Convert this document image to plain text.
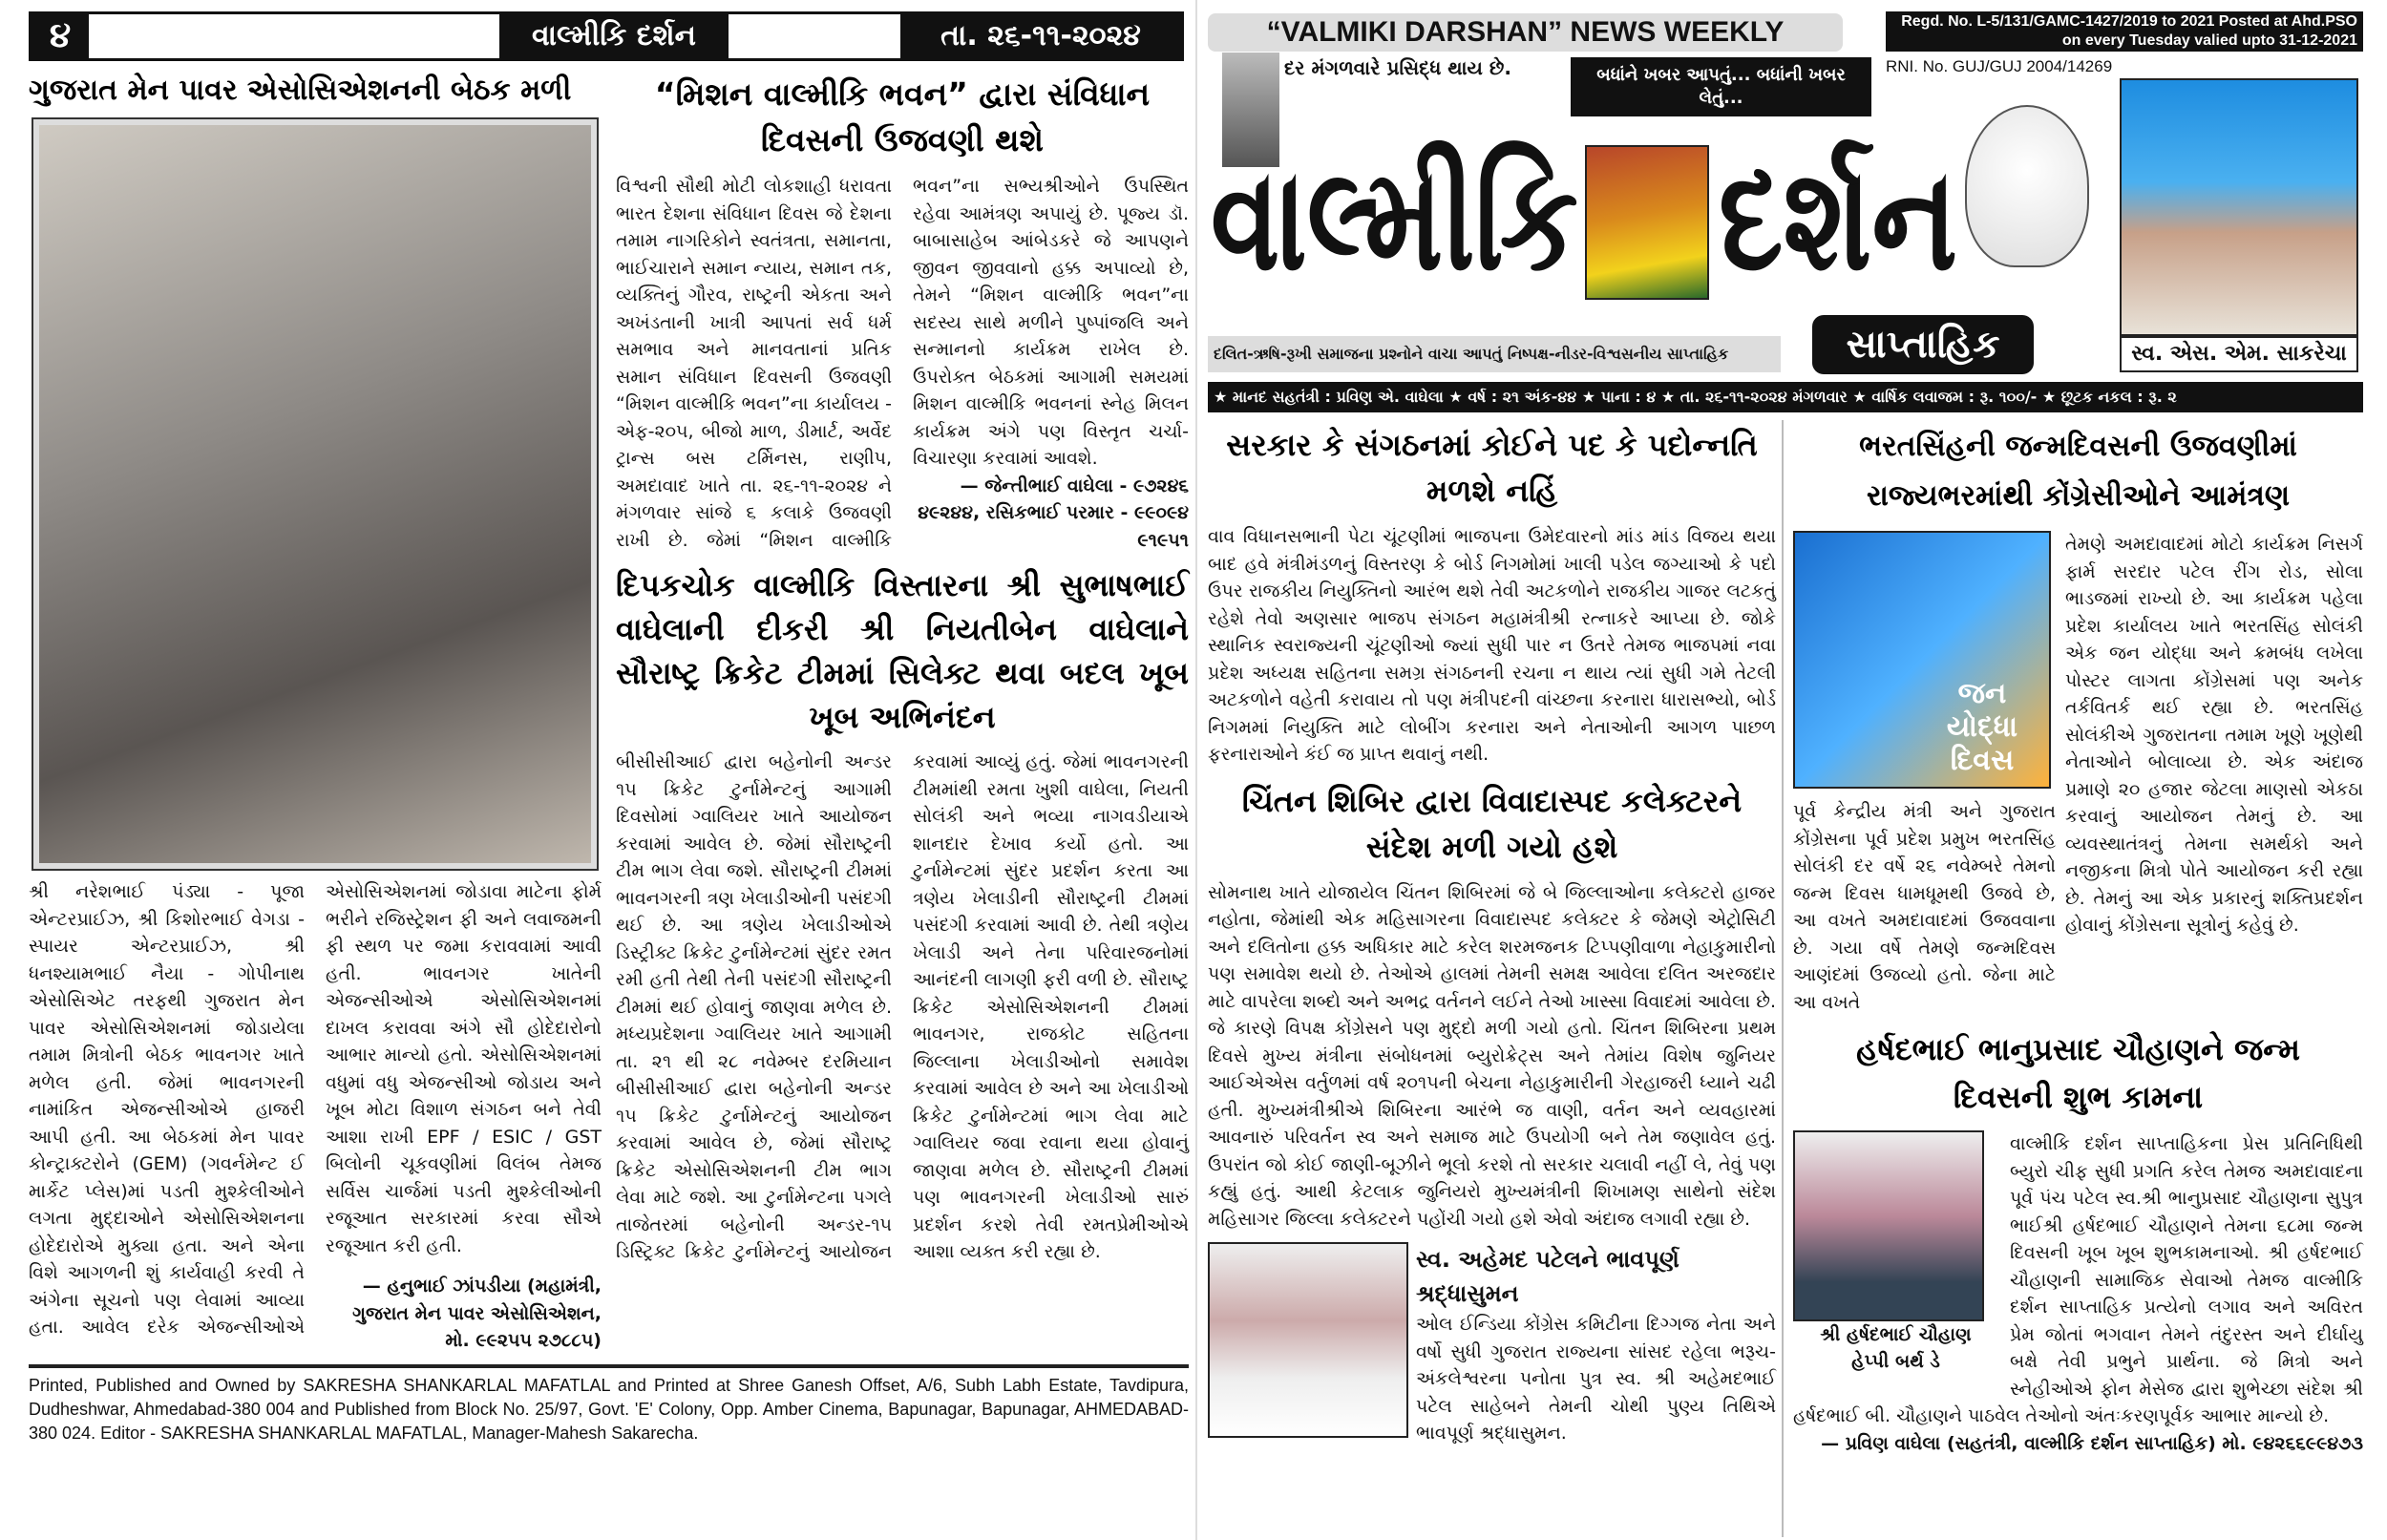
૪	વાલ્મીકિ દર્શન	તા. ૨૬-૧૧-૨૦૨૪
ગુજરાત મેન પાવર એસોસિએશનની બેઠક મળી

શ્રી નરેશભાઈ પંડ્યા - પૂજા એન્ટરપ્રાઈઝ, શ્રી કિશોરભાઈ વેગડા - સ્પાયર એન્ટરપ્રાઈઝ, શ્રી ધનશ્યામભાઈ નૈયા - ગોપીનાથ એસોસિએટ તરફથી ગુજરાત મેન પાવર એસોસિએશનમાં જોડાયેલા તમામ મિત્રોની બેઠક ભાવનગર ખાતે મળેલ હતી. જેમાં ભાવનગરની નામાંકિત એજન્સીઓએ હાજરી આપી હતી. આ બેઠકમાં મેન પાવર કોન્ટ્રાક્ટરોને (GEM) (ગવર્નમેન્ટ ઈ માર્કેટ પ્લેસ)માં પડતી મુશ્કેલીઓને લગતા મુદ્દાઓને એસોસિએશનના હોદેદારોએ મુક્યા હતા. અને એના વિશે આગળની શું કાર્યવાહી કરવી તે અંગેના સૂચનો પણ લેવામાં આવ્યા હતા. આવેલ દરેક એજન્સીઓએ એસોસિએશનમાં જોડાવા માટેના ફોર્મ ભરીને રજિસ્ટ્રેશન ફી અને લવાજમની ફી સ્થળ પર જમા કરાવવામાં આવી હતી. ભાવનગર ખાતેની એજન્સીઓએ એસોસિએશનમાં દાખલ કરાવવા અંગે સૌ હોદેદારોનો આભાર માન્યો હતો. એસોસિએશનમાં વધુમાં વધુ એજન્સીઓ જોડાય અને ખૂબ મોટા વિશાળ સંગઠન બને તેવી આશા રાખી EPF / ESIC / GST બિલોની ચૂકવણીમાં વિલંબ તેમજ સર્વિસ ચાર્જમાં પડતી મુશ્કેલીઓની રજૂઆત સરકારમાં કરવા સૌએ રજૂઆત કરી હતી.

— હનુભાઈ ઝાંપડીયા (મહામંત્રી, ગુજરાત મેન પાવર એસોસિએશન, મો. ૯૯૨૫૫ ૨૭૮૮૫)

“મિશન વાલ્મીકિ ભવન” દ્વારા સંવિધાન દિવસની ઉજવણી થશે

વિશ્વની સૌથી મોટી લોકશાહી ધરાવતા ભારત દેશના સંવિધાન દિવસ જે દેશના તમામ નાગરિકોને સ્વતંત્રતા, સમાનતા, ભાઈચારાને સમાન ન્યાય, સમાન તક, વ્યક્તિનું ગૌરવ, રાષ્ટ્રની એકતા અને અખંડતાની ખાત્રી આપતાં સર્વ ધર્મ સમભાવ અને માનવતાનાં પ્રતિક સમાન સંવિધાન દિવસની ઉજવણી “મિશન વાલ્મીકિ ભવન”ના કાર્યાલય - એફ-૨૦૫, બીજો માળ, ડીમાર્ટ, અર્વેદ ટ્રાન્સ બસ ટર્મિનસ, રાણીપ, અમદાવાદ ખાતે તા. ૨૬-૧૧-૨૦૨૪ ને મંગળવાર સાંજે ૬ કલાકે ઉજવણી રાખી છે. જેમાં “મિશન વાલ્મીકિ ભવન”ના સભ્યશ્રીઓને ઉપસ્થિત રહેવા આમંત્રણ અપાયું છે. પૂજ્ય ડૉ. બાબાસાહેબ આંબેડકરે જે આપણને જીવન જીવવાનો હક્ક અપાવ્યો છે, તેમને “મિશન વાલ્મીકિ ભવન”ના સદસ્ય સાથે મળીને પુષ્પાંજલિ અને સન્માનનો કાર્યક્રમ રાખેલ છે. ઉપરોક્ત બેઠકમાં આગામી સમયમાં મિશન વાલ્મીકિ ભવનનાં સ્નેહ મિલન કાર્યક્રમ અંગે પણ વિસ્તૃત ચર્ચા-વિચારણા કરવામાં આવશે.

— જેન્તીભાઈ વાઘેલા - ૯૭૨૪૬ ૪૯૨૪૪, રસિકભાઈ પરમાર - ૯૯૦૯૪ ૯૧૯૫૧

દિપકચોક વાલ્મીકિ વિસ્તારના શ્રી સુભાષભાઈ વાઘેલાની દીકરી શ્રી નિયતીબેન વાઘેલાને સૌરાષ્ટ્ર ક્રિકેટ ટીમમાં સિલેક્ટ થવા બદલ ખૂબ ખૂબ અભિનંદન

બીસીસીઆઈ દ્વારા બહેનોની અન્ડર ૧૫ ક્રિકેટ ટુર્નામેન્ટનું આગામી દિવસોમાં ગ્વાલિયર ખાતે આયોજન કરવામાં આવેલ છે. જેમાં સૌરાષ્ટ્રની ટીમ ભાગ લેવા જશે. સૌરાષ્ટ્રની ટીમમાં ભાવનગરની ત્રણ ખેલાડીઓની પસંદગી થઈ છે. આ ત્રણેય ખેલાડીઓએ ડિસ્ટ્રીક્ટ ક્રિકેટ ટુર્નામેન્ટમાં સુંદર રમત રમી હતી તેથી તેની પસંદગી સૌરાષ્ટ્રની ટીમમાં થઈ હોવાનું જાણવા મળેલ છે. મધ્યપ્રદેશના ગ્વાલિયર ખાતે આગામી તા. ૨૧ થી ૨૮ નવેમ્બર દરમિયાન બીસીસીઆઈ દ્વારા બહેનોની અન્ડર ૧૫ ક્રિકેટ ટુર્નામેન્ટનું આયોજન કરવામાં આવેલ છે, જેમાં સૌરાષ્ટ્ર ક્રિકેટ એસોસિએશનની ટીમ ભાગ લેવા માટે જશે. આ ટુર્નામેન્ટના પગલે તાજેતરમાં બહેનોની અન્ડર-૧૫ ડિસ્ટ્રિક્ટ ક્રિકેટ ટુર્નામેન્ટનું આયોજન કરવામાં આવ્યું હતું. જેમાં ભાવનગરની ટીમમાંથી રમતા ખુશી વાઘેલા, નિયતી સોલંકી અને ભવ્યા નાગવડીયાએ શાનદાર દેખાવ કર્યો હતો. આ ટુર્નામેન્ટમાં સુંદર પ્રદર્શન કરતા આ ત્રણેય ખેલાડીની સૌરાષ્ટ્રની ટીમમાં પસંદગી કરવામાં આવી છે. તેથી ત્રણેય ખેલાડી અને તેના પરિવારજનોમાં આનંદની લાગણી ફરી વળી છે. સૌરાષ્ટ્ર ક્રિકેટ એસોસિએશનની ટીમમાં ભાવનગર, રાજકોટ સહિતના જિલ્લાના ખેલાડીઓનો સમાવેશ કરવામાં આવેલ છે અને આ ખેલાડીઓ ક્રિકેટ ટુર્નામેન્ટમાં ભાગ લેવા માટે ગ્વાલિયર જવા રવાના થયા હોવાનું જાણવા મળેલ છે. સૌરાષ્ટ્રની ટીમમાં પણ ભાવનગરની ખેલાડીઓ સારું પ્રદર્શન કરશે તેવી રમતપ્રેમીઓએ આશા વ્યક્ત કરી રહ્યા છે.

Printed, Published and Owned by SAKRESHA SHANKARLAL MAFATLAL and Printed at Shree Ganesh Offset, A/6, Subh Labh Estate, Tavdipura, Dudheshwar, Ahmedabad-380 004 and Published from Block No. 25/97, Govt. 'E' Colony, Opp. Amber Cinema, Bapunagar, Bapunagar, AHMEDABAD-380 024. Editor - SAKRESHA SHANKARLAL MAFATLAL, Manager-Mahesh Sakarecha.
“VALMIKI DARSHAN” NEWS WEEKLY	Regd. No. L-5/131/GAMC-1427/2019 to 2021 Posted at Ahd.PSO on every Tuesday valied upto 31-12-2021
RNI. No. GUJ/GUJ 2004/14269
દર મંગળવારે પ્રસિદ્ધ થાય છે.	બધાંને ખબર આપતું... બધાંની ખબર લેતું...
વાલ્મીકિ દર્શન
સ્વ. એસ. એમ. સાકરેચા
દલિત-ઋષિ-રૂખી સમાજના પ્રશ્નોને વાચા આપતું નિષ્પક્ષ-નીડર-વિશ્વસનીય સાપ્તાહિક	સાપ્તાહિક
★ માનદ સહતંત્રી : પ્રવિણ એ. વાઘેલા ★ વર્ષ : ૨૧ અંક-૪૪ ★ પાના : ૪ ★ તા. ૨૬-૧૧-૨૦૨૪ મંગળવાર ★ વાર્ષિક લવાજમ : રૂ. ૧૦૦/- ★ છૂટક નકલ : રૂ. ૨
સરકાર કે સંગઠનમાં કોઈને પદ કે પદોન્નતિ મળશે નહિં
વાવ વિધાનસભાની પેટા ચૂંટણીમાં ભાજપના ઉમેદવારનો માંડ માંડ વિજય થયા બાદ હવે મંત્રીમંડળનું વિસ્તરણ કે બોર્ડ નિગમોમાં ખાલી પડેલ જગ્યાઓ કે પદો ઉપર રાજકીય નિયુક્તિનો આરંભ થશે તેવી અટકળોને રાજકીય ગાજર લટકતું રહેશે તેવો અણસાર ભાજપ સંગઠન મહામંત્રીશ્રી રત્નાકરે આપ્યા છે. જોકે સ્થાનિક સ્વરાજ્યની ચૂંટણીઓ જ્યાં સુધી પાર ન ઉતરે તેમજ ભાજપમાં નવા પ્રદેશ અધ્યક્ષ સહિતના સમગ્ર સંગઠનની રચના ન થાય ત્યાં સુધી ગમે તેટલી અટકળોને વહેતી કરાવાય તો પણ મંત્રીપદની વાંચ્છના કરનારા ધારાસભ્યો, બોર્ડ નિગમમાં નિયુક્તિ માટે લોબીંગ કરનારા અને નેતાઓની આગળ પાછળ ફરનારાઓને કંઈ જ પ્રાપ્ત થવાનું નથી.
ચિંતન શિબિર દ્વારા વિવાદાસ્પદ કલેક્ટરને સંદેશ મળી ગયો હશે
સોમનાથ ખાતે યોજાયેલ ચિંતન શિબિરમાં જે બે જિલ્લાઓના કલેક્ટરો હાજર નહોતા, જેમાંથી એક મહિસાગરના વિવાદાસ્પદ કલેક્ટર કે જેમણે એટ્રોસિટી અને દલિતોના હક્ક અધિકાર માટે કરેલ શરમજનક ટિપ્પણીવાળા નેહાકુમારીનો પણ સમાવેશ થયો છે. તેઓએ હાલમાં તેમની સમક્ષ આવેલા દલિત અરજદાર માટે વાપરેલા શબ્દો અને અભદ્ર વર્તનને લઈને તેઓ ખાસ્સા વિવાદમાં આવેલા છે. જે કારણે વિપક્ષ કોંગ્રેસને પણ મુદ્દો મળી ગયો હતો. ચિંતન શિબિરના પ્રથમ દિવસે મુખ્ય મંત્રીના સંબોધનમાં બ્યુરોક્રેટ્સ અને તેમાંય વિશેષ જુનિયર આઈએએસ વર્તુળમાં વર્ષ ૨૦૧૫ની બેચના નેહાકુમારીની ગેરહાજરી ધ્યાને ચઢી હતી. મુખ્યમંત્રીશ્રીએ શિબિરના આરંભે જ વાણી, વર્તન અને વ્યવહારમાં આવનારું પરિવર્તન સ્વ અને સમાજ માટે ઉપયોગી બને તેમ જણાવેલ હતું. ઉપરાંત જો કોઈ જાણી-બૂઝીને ભૂલો કરશે તો સરકાર ચલાવી નહીં લે, તેવું પણ કહ્યું હતું. આથી કેટલાક જુનિયરો મુખ્યમંત્રીની શિખામણ સાથેનો સંદેશ મહિસાગર જિલ્લા કલેક્ટરને પહોંચી ગયો હશે એવો અંદાજ લગાવી રહ્યા છે.
સ્વ. અહેમદ પટેલને ભાવપૂર્ણ શ્રદ્ધાસુમન
ઓલ ઈન્ડિયા કોંગ્રેસ કમિટીના દિગ્ગજ નેતા અને વર્ષો સુધી ગુજરાત રાજ્યના સાંસદ રહેલા ભરૂચ-અંકલેશ્વરના પનોતા પુત્ર સ્વ. શ્રી અહેમદભાઈ પટેલ સાહેબને તેમની ચોથી પુણ્ય તિથિએ ભાવપૂર્ણ શ્રદ્ધાસુમન.
ભરતસિંહની જન્મદિવસની ઉજવણીમાં રાજ્યભરમાંથી કોંગ્રેસીઓને આમંત્રણ
જન યોદ્ધા દિવસ
પૂર્વ કેન્દ્રીય મંત્રી અને ગુજરાત કોંગ્રેસના પૂર્વ પ્રદેશ પ્રમુખ ભરતસિંહ સોલંકી દર વર્ષે ૨૬ નવેમ્બરે તેમનો જન્મ દિવસ ધામધૂમથી ઉજવે છે, આ વખતે અમદાવાદમાં ઉજવવાના છે. ગયા વર્ષે તેમણે જન્મદિવસ આણંદમાં ઉજવ્યો હતો. જેના માટે આ વખતે
તેમણે અમદાવાદમાં મોટો કાર્યક્રમ નિસર્ગ ફાર્મ સરદાર પટેલ રીંગ રોડ, સોલા ભાડજમાં રાખ્યો છે. આ કાર્યક્રમ પહેલા પ્રદેશ કાર્યાલય ખાતે ભરતસિંહ સોલંકી એક જન યોદ્ધા અને ક્રમબંધ લખેલા પોસ્ટર લાગતા કોંગ્રેસમાં પણ અનેક તર્કવિતર્ક થઈ રહ્યા છે. ભરતસિંહ સોલંકીએ ગુજરાતના તમામ ખૂણે ખૂણેથી નેતાઓને બોલાવ્યા છે. એક અંદાજ પ્રમાણે ૨૦ હજાર જેટલા માણસો એકઠા કરવાનું આયોજન તેમનું છે. આ વ્યવસ્થાતંત્રનું તેમના સમર્થકો અને નજીકના મિત્રો પોતે આયોજન કરી રહ્યા છે. તેમનું આ એક પ્રકારનું શક્તિપ્રદર્શન હોવાનું કોંગ્રેસના સૂત્રોનું કહેવું છે.
હર્ષદભાઈ ભાનુપ્રસાદ ચૌહાણને જન્મ દિવસની શુભ કામના
શ્રી હર્ષદભાઈ ચૌહાણ
હેપ્પી બર્થ ડે
વાલ્મીકિ દર્શન સાપ્તાહિકના પ્રેસ પ્રતિનિધિથી બ્યુરો ચીફ સુધી પ્રગતિ કરેલ તેમજ અમદાવાદના પૂર્વ પંચ પટેલ સ્વ.શ્રી ભાનુપ્રસાદ ચૌહાણના સુપુત્ર ભાઈશ્રી હર્ષદભાઈ ચૌહાણને તેમના ૬૮મા જન્મ દિવસની ખૂબ ખૂબ શુભકામનાઓ. શ્રી હર્ષદભાઈ ચૌહાણની સામાજિક સેવાઓ તેમજ વાલ્મીકિ દર્શન સાપ્તાહિક પ્રત્યેનો લગાવ અને અવિરત પ્રેમ જોતાં ભગવાન તેમને તંદુરસ્ત અને દીર્ઘાયુ બક્ષે તેવી પ્રભુને પ્રાર્થના. જે મિત્રો અને સ્નેહીઓએ ફોન મેસેજ દ્વારા શુભેચ્છા સંદેશ શ્રી હર્ષદભાઈ બી. ચૌહાણને પાઠવેલ તેઓનો અંતઃકરણપૂર્વક આભાર માન્યો છે.
— પ્રવિણ વાઘેલા (સહતંત્રી, વાલ્મીકિ દર્શન સાપ્તાહિક) મો. ૯૪૨૬૬૯૯૪૭૩
